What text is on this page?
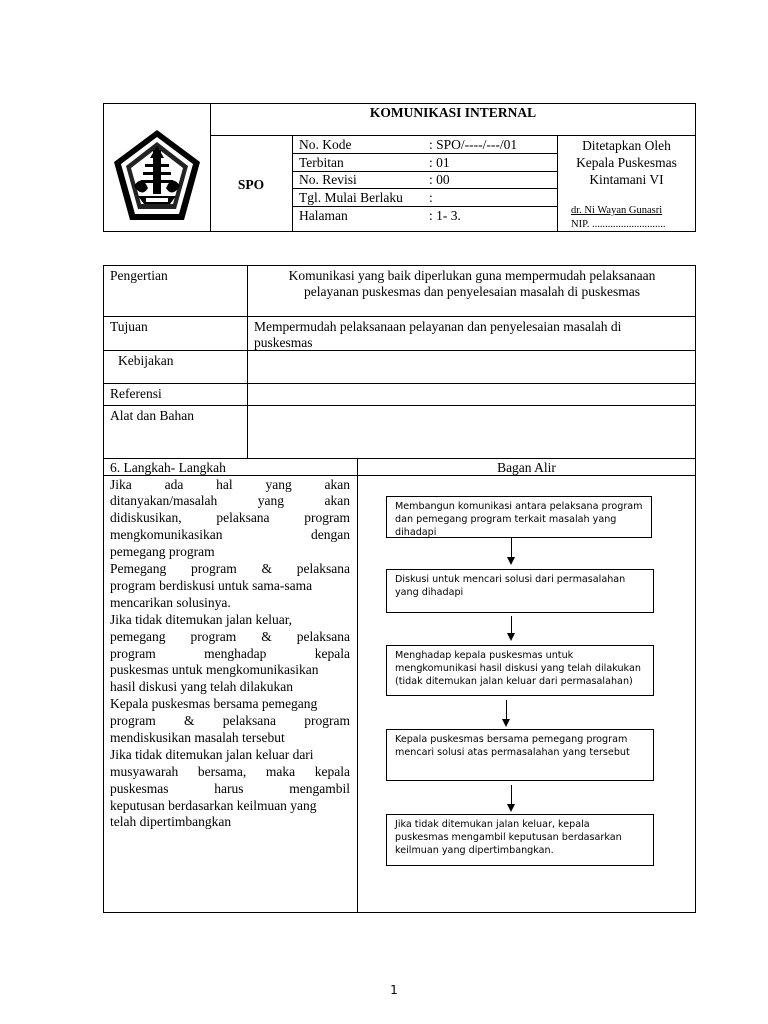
KOMUNIKASI INTERNAL
SPO
No. Kode	: SPO/----/---/01
Terbitan	: 01
No. Revisi	: 00
Tgl. Mulai Berlaku :
Halaman	: 1- 3.
Ditetapkan Oleh
Kepala Puskesmas
Kintamani VI
dr. Ni Wayan Gunasri
NIP. ............................
Pengertian	Komunikasi yang baik diperlukan guna mempermudah pelaksanaan
pelayanan puskesmas dan penyelesaian masalah di puskesmas
Tujuan	Mempermudah pelaksanaan pelayanan dan penyelesaian masalah di
puskesmas
Kebijakan
Referensi
Alat dan Bahan
6. Langkah- Langkah	Bagan Alir
Jika ada hal yang akan
ditanyakan/masalah yang akan
didiskusikan, pelaksana program
mengkomunikasikan dengan
pemegang program
Pemegang program & pelaksana
program berdiskusi untuk sama-sama
mencarikan solusinya.
Jika tidak ditemukan jalan keluar,
pemegang program & pelaksana
program menghadap kepala
puskesmas untuk mengkomunikasikan
hasil diskusi yang telah dilakukan
Kepala puskesmas bersama pemegang
program & pelaksana program
mendiskusikan masalah tersebut
Jika tidak ditemukan jalan keluar dari
musyawarah bersama, maka kepala
puskesmas harus mengambil
keputusan berdasarkan keilmuan yang
telah dipertimbangkan
Membangun komunikasi antara pelaksana program dan pemegang program terkait masalah yang dihadapi
Diskusi untuk mencari solusi dari permasalahan yang dihadapi
Menghadap kepala puskesmas untuk mengkomunikasi hasil diskusi yang telah dilakukan (tidak ditemukan jalan keluar dari permasalahan)
Kepala puskesmas bersama pemegang program mencari solusi atas permasalahan yang tersebut
Jika tidak ditemukan jalan keluar, kepala puskesmas mengambil keputusan berdasarkan keilmuan yang dipertimbangkan.
1
